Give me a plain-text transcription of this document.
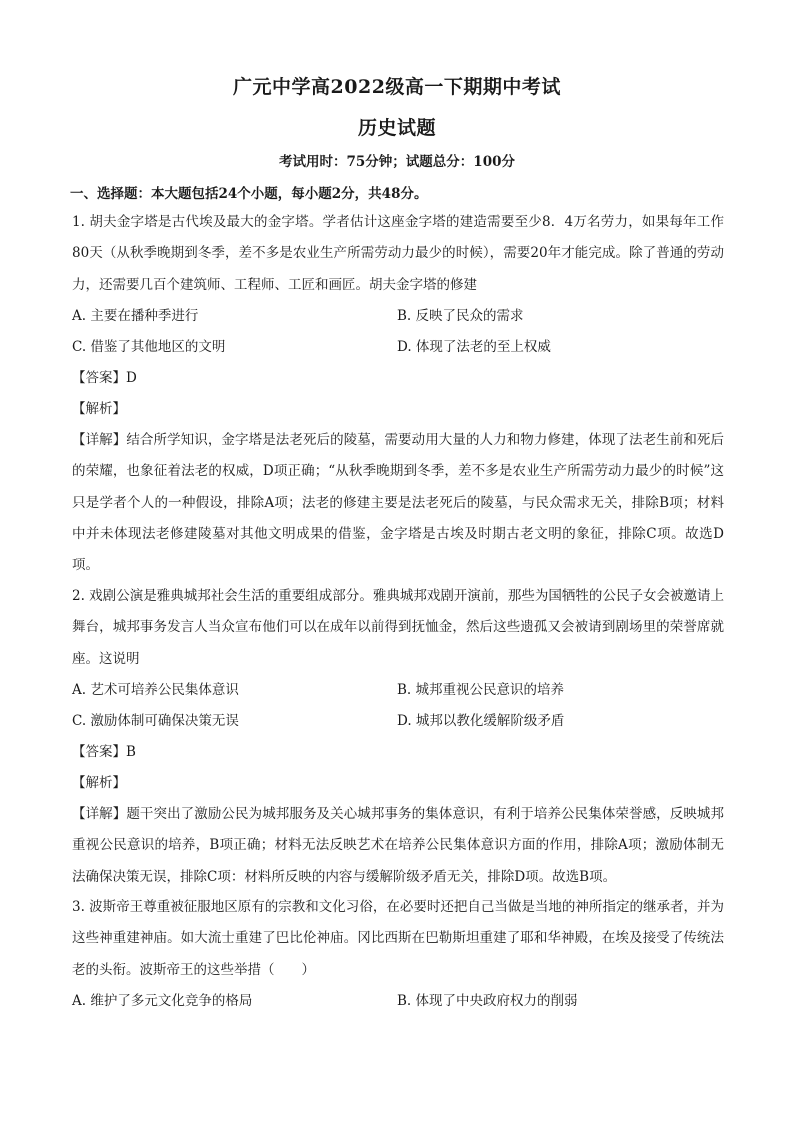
广元中学高2022级高一下期期中考试
历史试题
考试用时：75分钟；试题总分：100分
一、选择题：本大题包括24个小题，每小题2分，共48分。
1. 胡夫金字塔是古代埃及最大的金字塔。学者估计这座金字塔的建造需要至少8．4万名劳力，如果每年工作80天（从秋季晚期到冬季，差不多是农业生产所需劳动力最少的时候），需要20年才能完成。除了普通的劳动力，还需要几百个建筑师、工程师、工匠和画匠。胡夫金字塔的修建
A. 主要在播种季进行	B. 反映了民众的需求
C. 借鉴了其他地区的文明	D. 体现了法老的至上权威
【答案】D
【解析】
【详解】结合所学知识，金字塔是法老死后的陵墓，需要动用大量的人力和物力修建，体现了法老生前和死后的荣耀，也象征着法老的权威，D项正确；“从秋季晚期到冬季，差不多是农业生产所需劳动力最少的时候”这只是学者个人的一种假设，排除A项；法老的修建主要是法老死后的陵墓，与民众需求无关，排除B项；材料中并未体现法老修建陵墓对其他文明成果的借鉴，金字塔是古埃及时期古老文明的象征，排除C项。故选D项。
2. 戏剧公演是雅典城邦社会生活的重要组成部分。雅典城邦戏剧开演前，那些为国牺牲的公民子女会被邀请上舞台，城邦事务发言人当众宣布他们可以在成年以前得到抚恤金，然后这些遗孤又会被请到剧场里的荣誉席就座。这说明
A. 艺术可培养公民集体意识	B. 城邦重视公民意识的培养
C. 激励体制可确保决策无误	D. 城邦以教化缓解阶级矛盾
【答案】B
【解析】
【详解】题干突出了激励公民为城邦服务及关心城邦事务的集体意识，有利于培养公民集体荣誉感，反映城邦重视公民意识的培养，B项正确；材料无法反映艺术在培养公民集体意识方面的作用，排除A项；激励体制无法确保决策无误，排除C项：材料所反映的内容与缓解阶级矛盾无关，排除D项。故选B项。
3. 波斯帝王尊重被征服地区原有的宗教和文化习俗，在必要时还把自己当做是当地的神所指定的继承者，并为这些神重建神庙。如大流士重建了巴比伦神庙。冈比西斯在巴勒斯坦重建了耶和华神殿，在埃及接受了传统法老的头衔。波斯帝王的这些举措（　　）
A. 维护了多元文化竞争的格局	B. 体现了中央政府权力的削弱
